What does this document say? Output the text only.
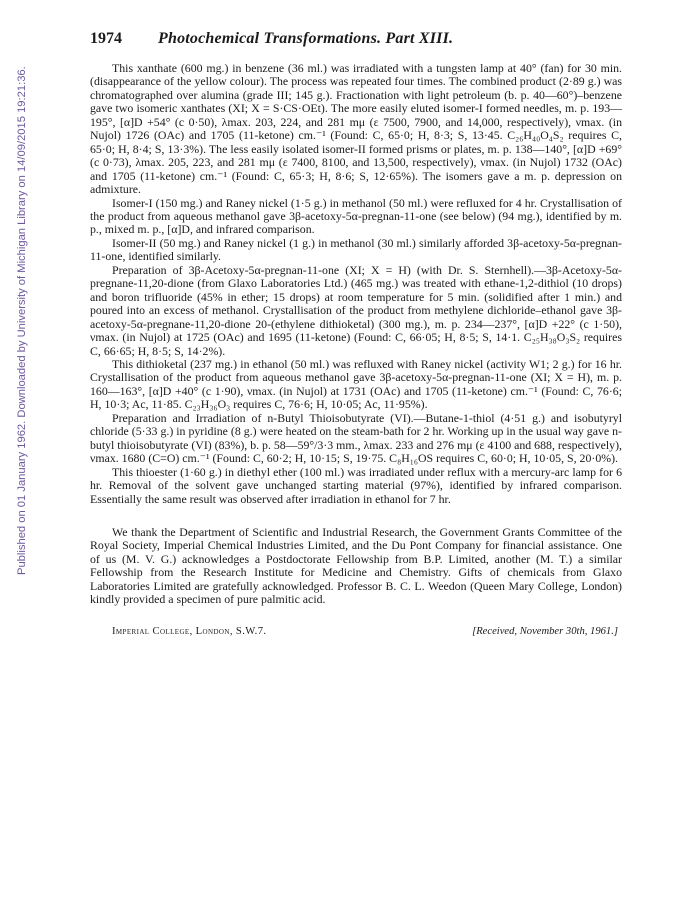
Published on 01 January 1962. Downloaded by University of Michigan Library on 14/09/2015 19:21:36.
1974 Photochemical Transformations. Part XIII.

This xanthate (600 mg.) in benzene (36 ml.) was irradiated with a tungsten lamp at 40° (fan) for 30 min. (disappearance of the yellow colour). The process was repeated four times. The combined product (2·89 g.) was chromatographed over alumina (grade III; 145 g.). Fractionation with light petroleum (b. p. 40—60°)–benzene gave two isomeric xanthates (XI; X = S·CS·OEt). The more easily eluted isomer-I formed needles, m. p. 193—195°, [α]D +54° (c 0·50), λmax. 203, 224, and 281 mμ (ε 7500, 7900, and 14,000, respectively), νmax. (in Nujol) 1726 (OAc) and 1705 (11-ketone) cm.⁻¹ (Found: C, 65·0; H, 8·3; S, 13·45. C₂₆H₄₀O₄S₂ requires C, 65·0; H, 8·4; S, 13·3%). The less easily isolated isomer-II formed prisms or plates, m. p. 138—140°, [α]D +69° (c 0·73), λmax. 205, 223, and 281 mμ (ε 7400, 8100, and 13,500, respectively), νmax. (in Nujol) 1732 (OAc) and 1705 (11-ketone) cm.⁻¹ (Found: C, 65·3; H, 8·6; S, 12·65%). The isomers gave a m. p. depression on admixture.

Isomer-I (150 mg.) and Raney nickel (1·5 g.) in methanol (50 ml.) were refluxed for 4 hr. Crystallisation of the product from aqueous methanol gave 3β-acetoxy-5α-pregnan-11-one (see below) (94 mg.), identified by m. p., mixed m. p., [α]D, and infrared comparison.

Isomer-II (50 mg.) and Raney nickel (1 g.) in methanol (30 ml.) similarly afforded 3β-acetoxy-5α-pregnan-11-one, identified similarly.

Preparation of 3β-Acetoxy-5α-pregnan-11-one (XI; X = H) (with Dr. S. Sternhell).—3β-Acetoxy-5α-pregnane-11,20-dione (from Glaxo Laboratories Ltd.) (465 mg.) was treated with ethane-1,2-dithiol (10 drops) and boron trifluoride (45% in ether; 15 drops) at room temperature for 5 min. (solidified after 1 min.) and poured into an excess of methanol. Crystallisation of the product from methylene dichloride–ethanol gave 3β-acetoxy-5α-pregnane-11,20-dione 20-(ethylene dithioketal) (300 mg.), m. p. 234—237°, [α]D +22° (c 1·50), νmax. (in Nujol) at 1725 (OAc) and 1695 (11-ketone) (Found: C, 66·05; H, 8·5; S, 14·1. C₂₅H₃₈O₃S₂ requires C, 66·65; H, 8·5; S, 14·2%).

This dithioketal (237 mg.) in ethanol (50 ml.) was refluxed with Raney nickel (activity W1; 2 g.) for 16 hr. Crystallisation of the product from aqueous methanol gave 3β-acetoxy-5α-pregnan-11-one (XI; X = H), m. p. 160—163°, [α]D +40° (c 1·90), νmax. (in Nujol) at 1731 (OAc) and 1705 (11-ketone) cm.⁻¹ (Found: C, 76·6; H, 10·3; Ac, 11·85. C₂₃H₃₆O₃ requires C, 76·6; H, 10·05; Ac, 11·95%).

Preparation and Irradiation of n-Butyl Thioisobutyrate (VI).—Butane-1-thiol (4·51 g.) and isobutyryl chloride (5·33 g.) in pyridine (8 g.) were heated on the steam-bath for 2 hr. Working up in the usual way gave n-butyl thioisobutyrate (VI) (83%), b. p. 58—59°/3·3 mm., λmax. 233 and 276 mμ (ε 4100 and 688, respectively), νmax. 1680 (C=O) cm.⁻¹ (Found: C, 60·2; H, 10·15; S, 19·75. C₈H₁₆OS requires C, 60·0; H, 10·05, S, 20·0%).

This thioester (1·60 g.) in diethyl ether (100 ml.) was irradiated under reflux with a mercury-arc lamp for 6 hr. Removal of the solvent gave unchanged starting material (97%), identified by infrared comparison. Essentially the same result was observed after irradiation in ethanol for 7 hr.

We thank the Department of Scientific and Industrial Research, the Government Grants Committee of the Royal Society, Imperial Chemical Industries Limited, and the Du Pont Company for financial assistance. One of us (M. V. G.) acknowledges a Postdoctorate Fellowship from B.P. Limited, another (M. T.) a similar Fellowship from the Research Institute for Medicine and Chemistry. Gifts of chemicals from Glaxo Laboratories Limited are gratefully acknowledged. Professor B. C. L. Weedon (Queen Mary College, London) kindly provided a specimen of pure palmitic acid.

Imperial College, London, S.W.7.	[Received, November 30th, 1961.]
